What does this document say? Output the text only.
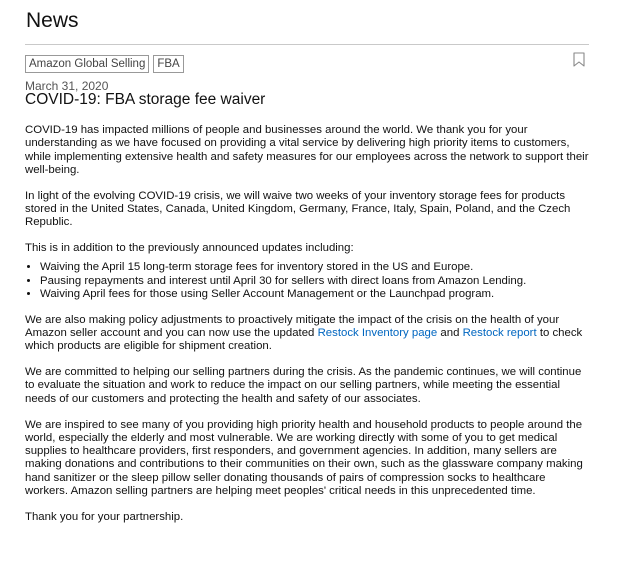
News
Amazon Global Selling	FBA
March 31, 2020
COVID-19: FBA storage fee waiver

COVID-19 has impacted millions of people and businesses around the world. We thank you for your understanding as we have focused on providing a vital service by delivering high priority items to customers, while implementing extensive health and safety measures for our employees across the network to support their well-being.

In light of the evolving COVID-19 crisis, we will waive two weeks of your inventory storage fees for products stored in the United States, Canada, United Kingdom, Germany, France, Italy, Spain, Poland, and the Czech Republic.

This is in addition to the previously announced updates including:

• Waiving the April 15 long-term storage fees for inventory stored in the US and Europe.
• Pausing repayments and interest until April 30 for sellers with direct loans from Amazon Lending.
• Waiving April fees for those using Seller Account Management or the Launchpad program.

We are also making policy adjustments to proactively mitigate the impact of the crisis on the health of your Amazon seller account and you can now use the updated Restock Inventory page and Restock report to check which products are eligible for shipment creation.

We are committed to helping our selling partners during the crisis. As the pandemic continues, we will continue to evaluate the situation and work to reduce the impact on our selling partners, while meeting the essential needs of our customers and protecting the health and safety of our associates.

We are inspired to see many of you providing high priority health and household products to people around the world, especially the elderly and most vulnerable. We are working directly with some of you to get medical supplies to healthcare providers, first responders, and government agencies. In addition, many sellers are making donations and contributions to their communities on their own, such as the glassware company making hand sanitizer or the sleep pillow seller donating thousands of pairs of compression socks to healthcare workers. Amazon selling partners are helping meet peoples' critical needs in this unprecedented time.

Thank you for your partnership.
